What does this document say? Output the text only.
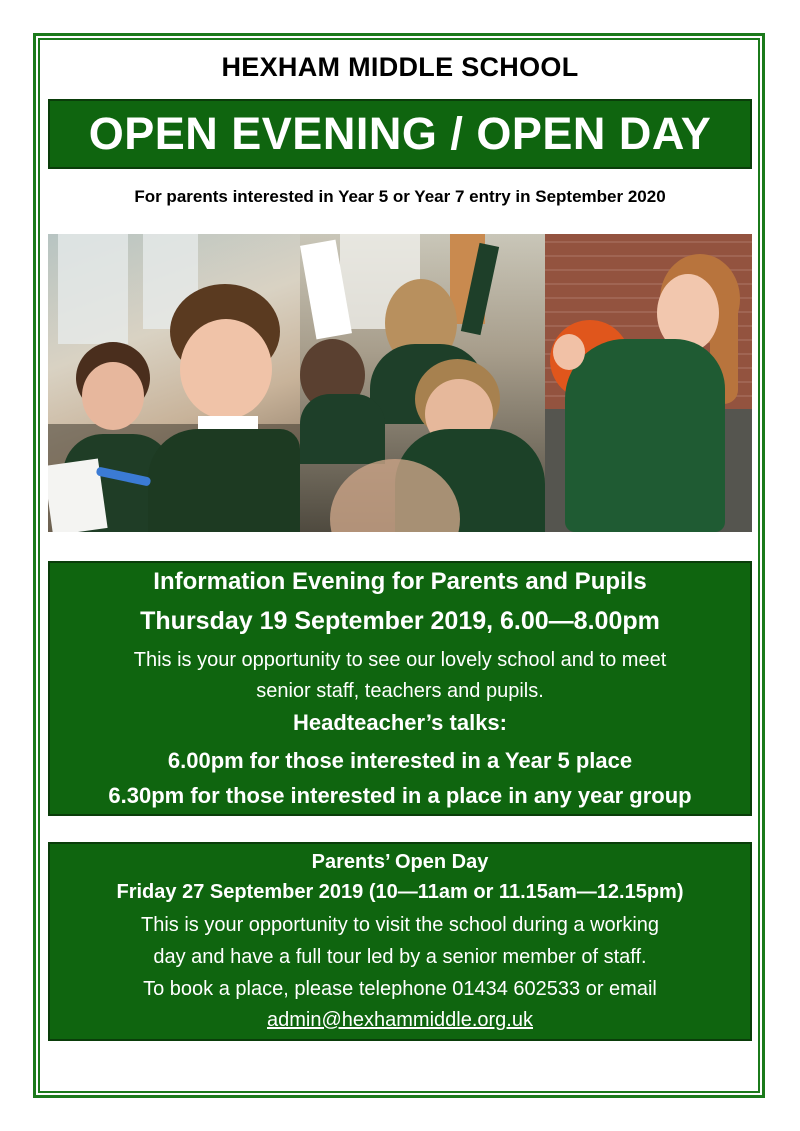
HEXHAM MIDDLE SCHOOL
OPEN EVENING / OPEN DAY
For parents interested in Year 5 or Year 7 entry in September 2020
Information Evening for Parents and Pupils
Thursday 19 September 2019, 6.00—8.00pm
This is your opportunity to see our lovely school and to meet
senior staff, teachers and pupils.
Headteacher’s talks:
6.00pm for those interested in a Year 5 place
6.30pm for those interested in a place in any year group
Parents’ Open Day
Friday 27 September 2019 (10—11am or 11.15am—12.15pm)
This is your opportunity to visit the school during a working
day and have a full tour led by a senior member of staff.
To book a place, please telephone 01434 602533 or email
admin@hexhammiddle.org.uk
